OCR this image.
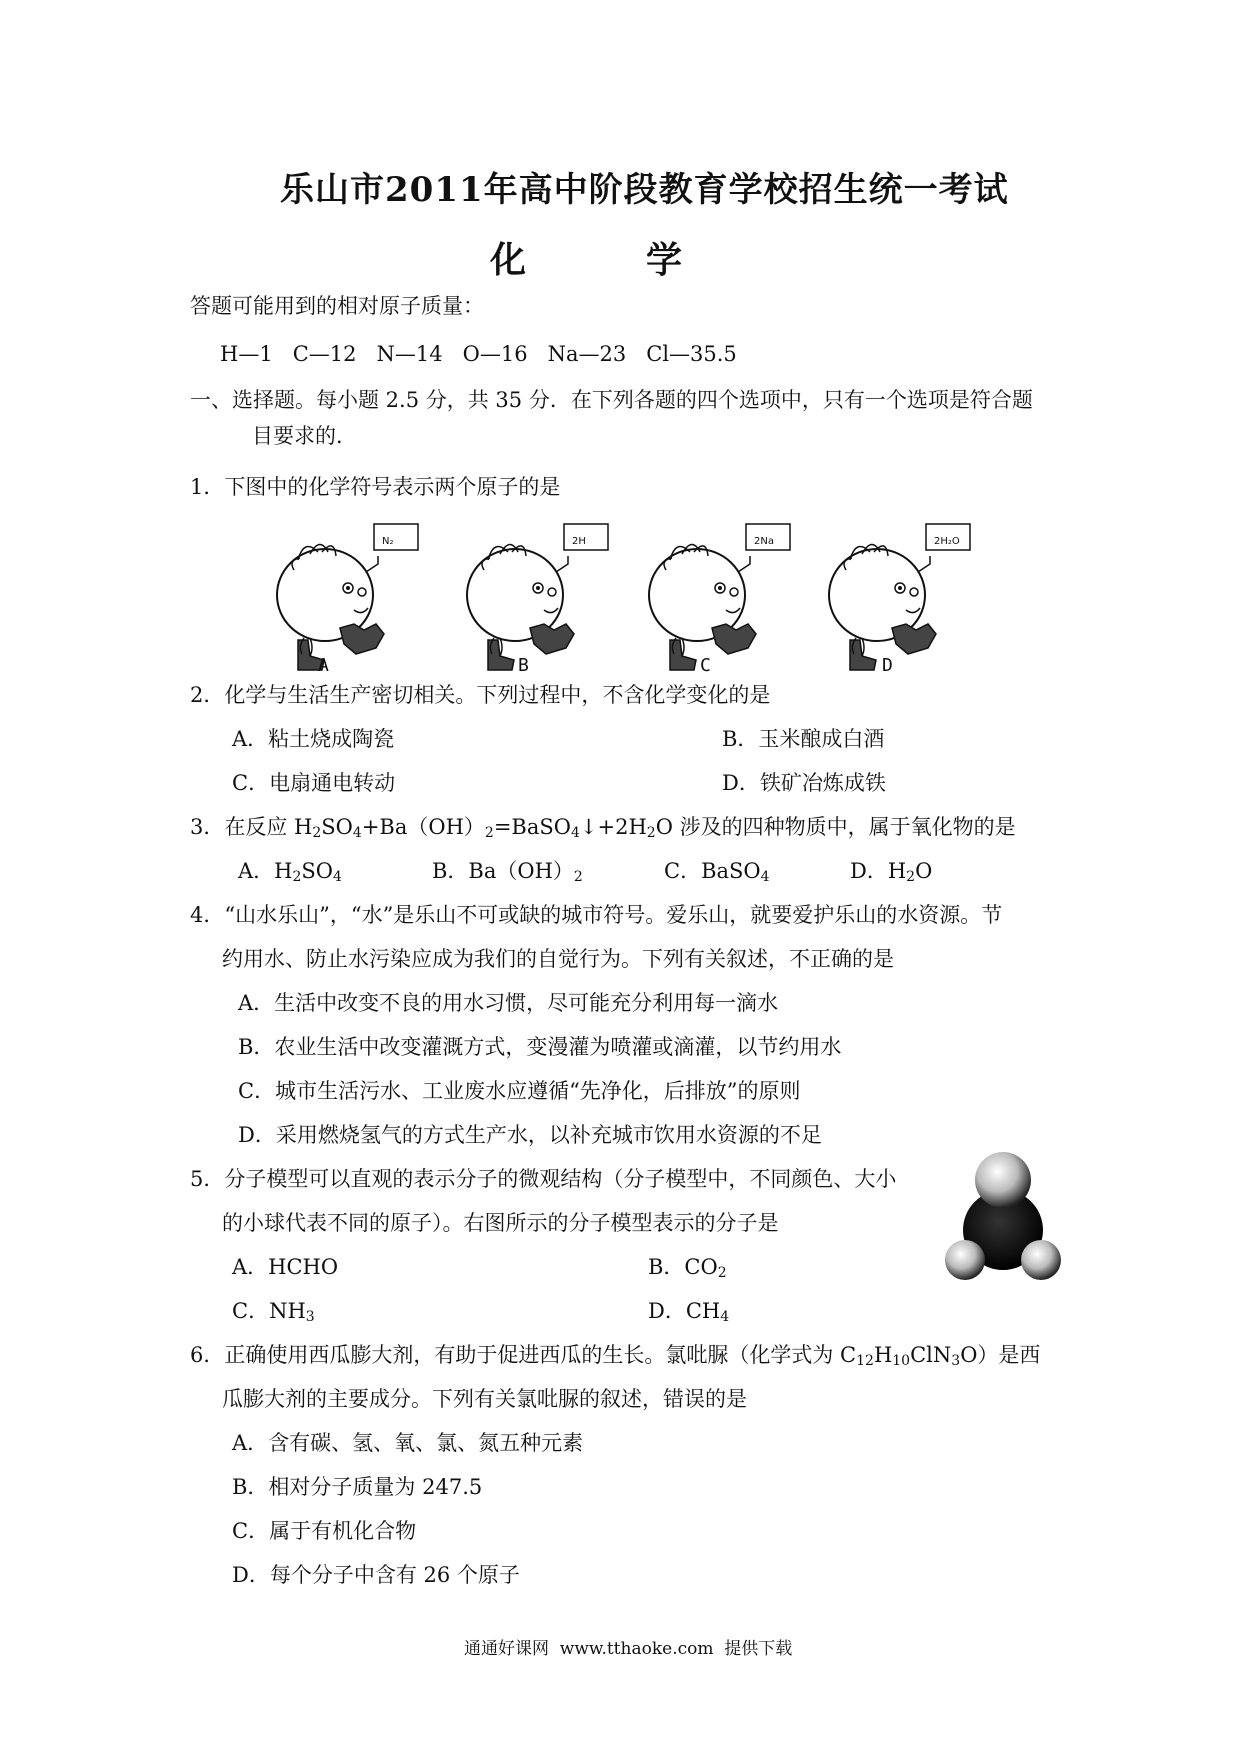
乐山市2011年高中阶段教育学校招生统一考试
化	学
答题可能用到的相对原子质量：
H—1   C—12   N—14   O—16   Na—23   Cl—35.5
一、选择题。每小题 2.5 分，共 35 分．在下列各题的四个选项中，只有一个选项是符合题
目要求的．
1．下图中的化学符号表示两个原子的是
N₂	2H	2Na	2H₂O
A	B	C	D
2．化学与生活生产密切相关。下列过程中，不含化学变化的是
A．粘土烧成陶瓷	B．玉米酿成白酒
C．电扇通电转动	D．铁矿冶炼成铁
3．在反应 $H_2SO_4+Ba(OH)_2=BaSO_4↓+2H_2O$ 涉及的四种物质中，属于氧化物的是
A．$H_2SO_4$	B．$Ba(OH)_2$	C．BaSO$_4$	D．$H_2O$
4．“山水乐山”，“水”是乐山不可或缺的城市符号。爱乐山，就要爱护乐山的水资源。节
约用水、防止水污染应成为我们的自觉行为。下列有关叙述，不正确的是
A．生活中改变不良的用水习惯，尽可能充分利用每一滴水
B．农业生活中改变灌溉方式，变漫灌为喷灌或滴灌，以节约用水
C．城市生活污水、工业废水应遵循“先净化，后排放”的原则
D．采用燃烧氢气的方式生产水，以补充城市饮用水资源的不足
5．分子模型可以直观的表示分子的微观结构（分子模型中，不同颜色、大小
的小球代表不同的原子）。右图所示的分子模型表示的分子是
A．HCHO	B．$CO_2$
C．$NH_3$	D．$CH_4$
6．正确使用西瓜膨大剂，有助于促进西瓜的生长。氯吡脲（化学式为 $C_{12}H_{10}ClN_3O$）是西
瓜膨大剂的主要成分。下列有关氯吡脲的叙述，错误的是
A．含有碳、氢、氧、氯、氮五种元素
B．相对分子质量为 247.5
C．属于有机化合物
D．每个分子中含有 26 个原子
通通好课网  www.tthaoke.com  提供下载
